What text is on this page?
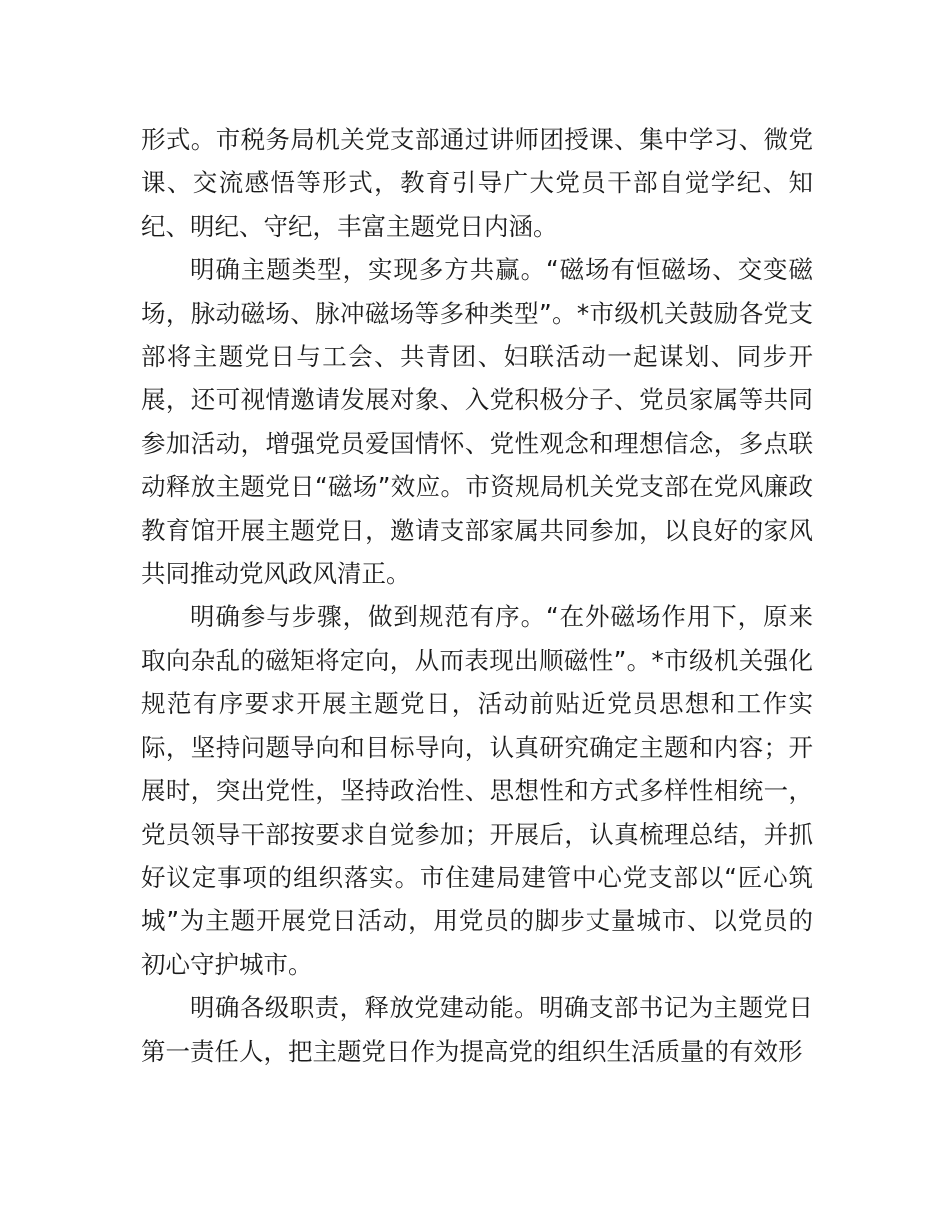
形式。市税务局机关党支部通过讲师团授课、集中学习、微党课、交流感悟等形式，教育引导广大党员干部自觉学纪、知纪、明纪、守纪，丰富主题党日内涵。

明确主题类型，实现多方共赢。“磁场有恒磁场、交变磁场，脉动磁场、脉冲磁场等多种类型”。*市级机关鼓励各党支部将主题党日与工会、共青团、妇联活动一起谋划、同步开展，还可视情邀请发展对象、入党积极分子、党员家属等共同参加活动，增强党员爱国情怀、党性观念和理想信念，多点联动释放主题党日“磁场”效应。市资规局机关党支部在党风廉政教育馆开展主题党日，邀请支部家属共同参加，以良好的家风共同推动党风政风清正。

明确参与步骤，做到规范有序。“在外磁场作用下，原来取向杂乱的磁矩将定向，从而表现出顺磁性”。*市级机关强化规范有序要求开展主题党日，活动前贴近党员思想和工作实际，坚持问题导向和目标导向，认真研究确定主题和内容；开展时，突出党性，坚持政治性、思想性和方式多样性相统一，党员领导干部按要求自觉参加；开展后，认真梳理总结，并抓好议定事项的组织落实。市住建局建管中心党支部以“匠心筑城”为主题开展党日活动，用党员的脚步丈量城市、以党员的初心守护城市。

明确各级职责，释放党建动能。明确支部书记为主题党日第一责任人，把主题党日作为提高党的组织生活质量的有效形
